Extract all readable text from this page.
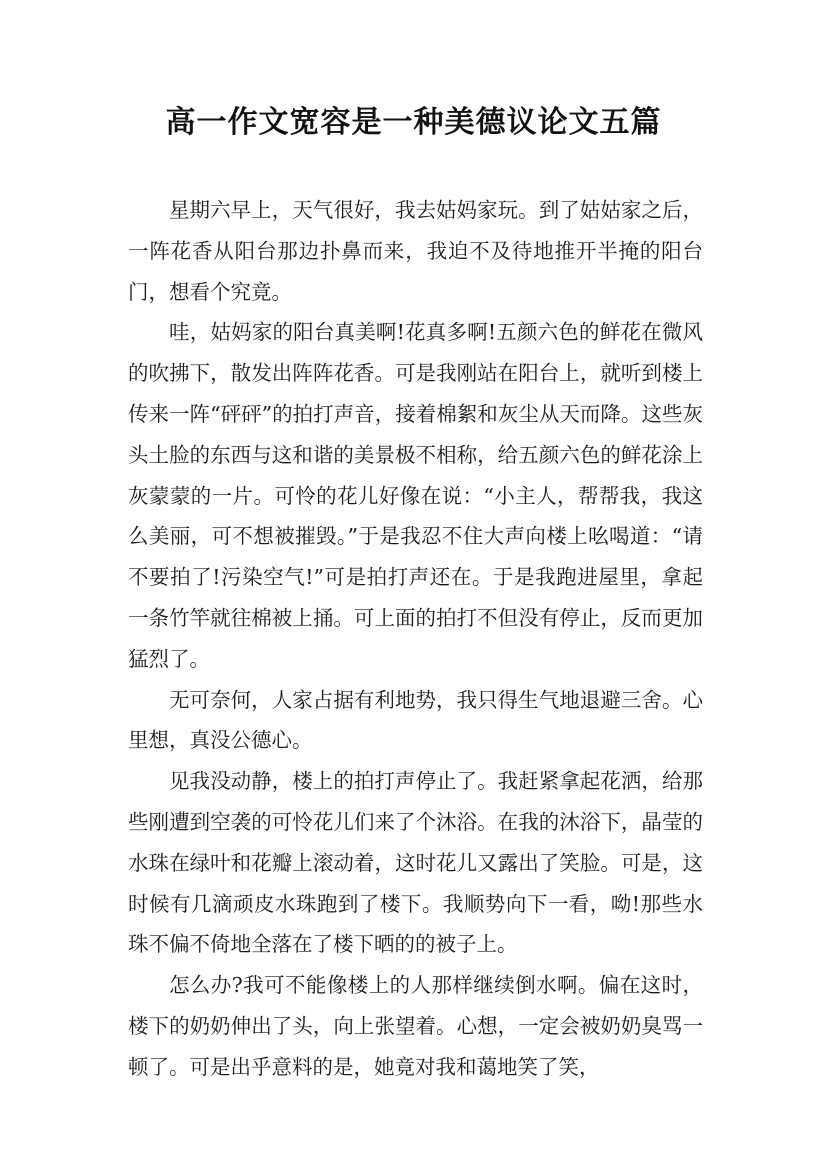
高一作文宽容是一种美德议论文五篇

星期六早上，天气很好，我去姑妈家玩。到了姑姑家之后，一阵花香从阳台那边扑鼻而来，我迫不及待地推开半掩的阳台门，想看个究竟。

哇，姑妈家的阳台真美啊!花真多啊!五颜六色的鲜花在微风的吹拂下，散发出阵阵花香。可是我刚站在阳台上，就听到楼上传来一阵“砰砰”的拍打声音，接着棉絮和灰尘从天而降。这些灰头土脸的东西与这和谐的美景极不相称，给五颜六色的鲜花涂上灰蒙蒙的一片。可怜的花儿好像在说：“小主人，帮帮我，我这么美丽，可不想被摧毁。”于是我忍不住大声向楼上吆喝道：“请不要拍了!污染空气!”可是拍打声还在。于是我跑进屋里，拿起一条竹竿就往棉被上捅。可上面的拍打不但没有停止，反而更加猛烈了。

无可奈何，人家占据有利地势，我只得生气地退避三舍。心里想，真没公德心。

见我没动静，楼上的拍打声停止了。我赶紧拿起花洒，给那些刚遭到空袭的可怜花儿们来了个沐浴。在我的沐浴下，晶莹的水珠在绿叶和花瓣上滚动着，这时花儿又露出了笑脸。可是，这时候有几滴顽皮水珠跑到了楼下。我顺势向下一看，呦!那些水珠不偏不倚地全落在了楼下晒的的被子上。

怎么办?我可不能像楼上的人那样继续倒水啊。偏在这时，楼下的奶奶伸出了头，向上张望着。心想，一定会被奶奶臭骂一顿了。可是出乎意料的是，她竟对我和蔼地笑了笑，
